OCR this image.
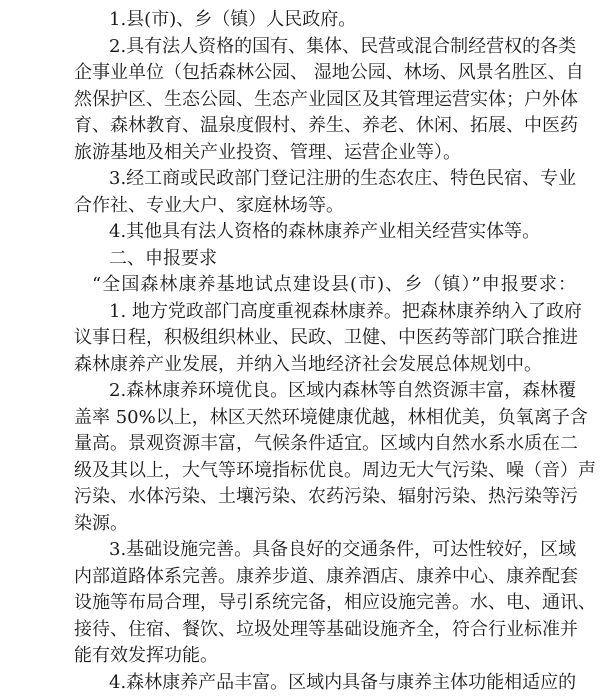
1.县(市)、乡（镇）人民政府。
2.具有法人资格的国有、集体、民营或混合制经营权的各类
企事业单位（包括森林公园、 湿地公园、林场、风景名胜区、自
然保护区、生态公园、生态产业园区及其管理运营实体；户外体
育、森林教育、温泉度假村、养生、养老、休闲、拓展、中医药
旅游基地及相关产业投资、管理、运营企业等）。
3.经工商或民政部门登记注册的生态农庄、特色民宿、专业
合作社、专业大户、家庭林场等。
4.其他具有法人资格的森林康养产业相关经营实体等。
二、申报要求
“全国森林康养基地试点建设县(市)、乡（镇）”申报要求：
1. 地方党政部门高度重视森林康养。把森林康养纳入了政府
议事日程，积极组织林业、民政、卫健、中医药等部门联合推进
森林康养产业发展，并纳入当地经济社会发展总体规划中。
2.森林康养环境优良。区域内森林等自然资源丰富，森林覆
盖率 50%以上，林区天然环境健康优越，林相优美，负氧离子含
量高。景观资源丰富，气候条件适宜。区域内自然水系水质在二
级及其以上，大气等环境指标优良。周边无大气污染、噪（音）声
污染、水体污染、土壤污染、农药污染、辐射污染、热污染等污
染源。
3.基础设施完善。具备良好的交通条件，可达性较好，区域
内部道路体系完善。康养步道、康养酒店、康养中心、康养配套
设施等布局合理，导引系统完备，相应设施完善。水、电、通讯、
接待、住宿、餐饮、垃圾处理等基础设施齐全，符合行业标准并
能有效发挥功能。
4.森林康养产品丰富。区域内具备与康养主体功能相适应的
